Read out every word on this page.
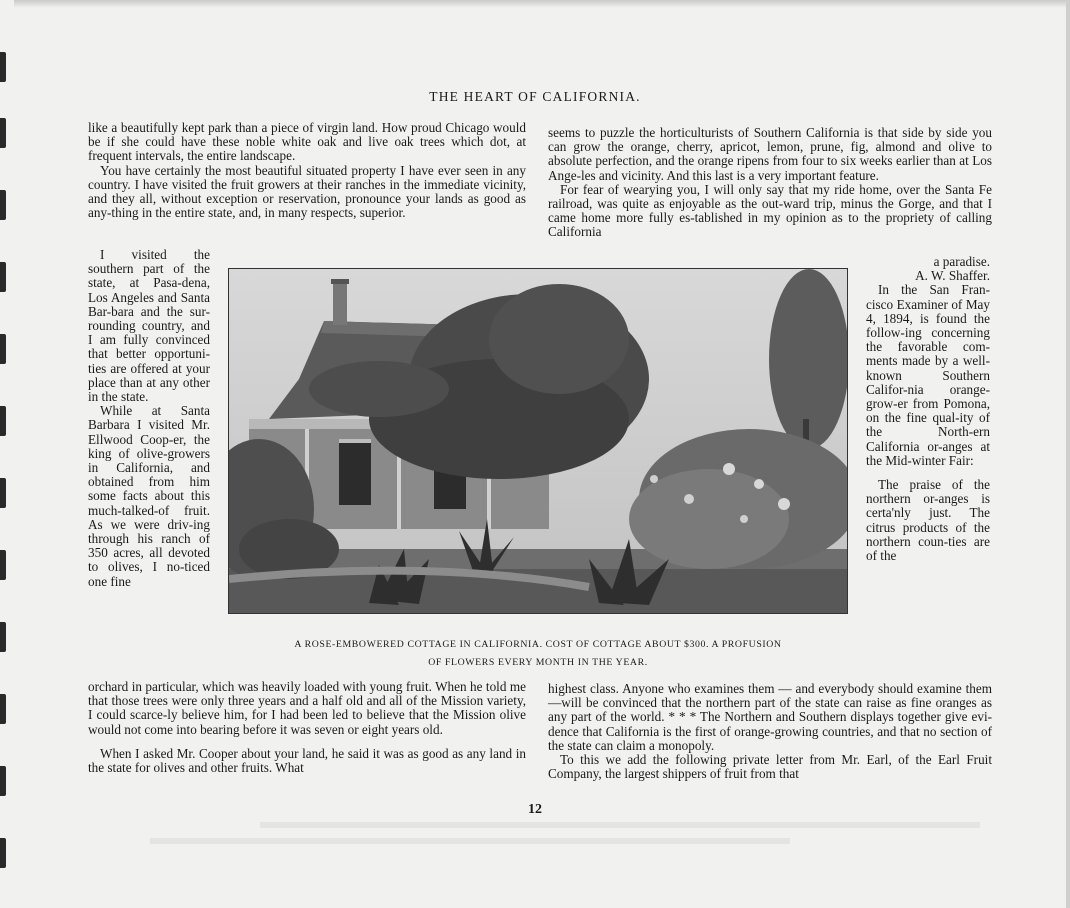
THE HEART OF CALIFORNIA.

like a beautifully kept park than a piece of virgin land. How proud Chicago would be if she could have these noble white oak and live oak trees which dot, at frequent intervals, the entire landscape.

You have certainly the most beautiful situated property I have ever seen in any country. I have visited the fruit growers at their ranches in the immediate vicinity, and they all, without exception or reservation, pronounce your lands as good as any-thing in the entire state, and, in many respects, superior.

seems to puzzle the horticulturists of Southern California is that side by side you can grow the orange, cherry, apricot, lemon, prune, fig, almond and olive to absolute perfection, and the orange ripens from four to six weeks earlier than at Los Ange-les and vicinity. And this last is a very important feature.

For fear of wearying you, I will only say that my ride home, over the Santa Fe railroad, was quite as enjoyable as the out-ward trip, minus the Gorge, and that I came home more fully es-tablished in my opinion as to the propriety of calling California

I visited the southern part of the state, at Pasa-dena, Los Angeles and Santa Bar-bara and the sur-rounding country, and I am fully convinced that better opportuni-ties are offered at your place than at any other in the state.

While at Santa Barbara I visited Mr. Ellwood Coop-er, the king of olive-growers in California, and obtained from him some facts about this much-talked-of fruit. As we were driv-ing through his ranch of 350 acres, all devoted to olives, I no-ticed one fine

a paradise.

A. W. Shaffer.

In the San Fran-cisco Examiner of May 4, 1894, is found the follow-ing concerning the favorable com-ments made by a well-known Southern Califor-nia orange-grow-er from Pomona, on the fine qual-ity of the North-ern California or-anges at the Mid-winter Fair:

The praise of the northern or-anges is certa'nly just. The citrus products of the northern coun-ties are of the

A ROSE-EMBOWERED COTTAGE IN CALIFORNIA. COST OF COTTAGE ABOUT $300. A PROFUSION
OF FLOWERS EVERY MONTH IN THE YEAR.

orchard in particular, which was heavily loaded with young fruit. When he told me that those trees were only three years and a half old and all of the Mission variety, I could scarce-ly believe him, for I had been led to believe that the Mission olive would not come into bearing before it was seven or eight years old.

When I asked Mr. Cooper about your land, he said it was as good as any land in the state for olives and other fruits. What

highest class. Anyone who examines them — and everybody should examine them—will be convinced that the northern part of the state can raise as fine oranges as any part of the world. * * * The Northern and Southern displays together give evi-dence that California is the first of orange-growing countries, and that no section of the state can claim a monopoly.

To this we add the following private letter from Mr. Earl, of the Earl Fruit Company, the largest shippers of fruit from that

12
